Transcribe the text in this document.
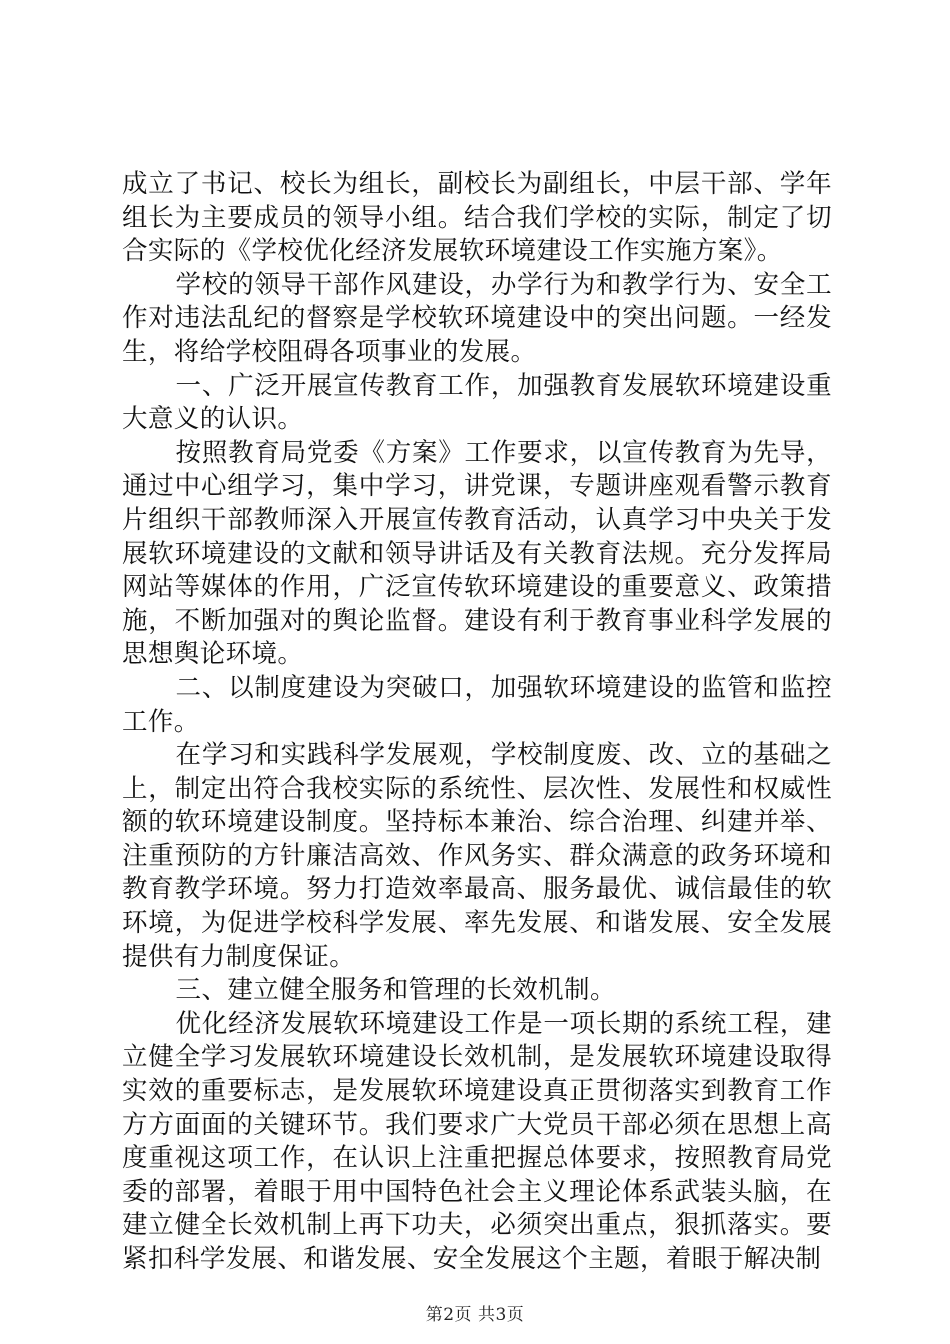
成立了书记、校长为组长，副校长为副组长，中层干部、学年组长为主要成员的领导小组。结合我们学校的实际，制定了切合实际的《学校优化经济发展软环境建设工作实施方案》。

学校的领导干部作风建设，办学行为和教学行为、安全工作对违法乱纪的督察是学校软环境建设中的突出问题。一经发生，将给学校阻碍各项事业的发展。

一、广泛开展宣传教育工作，加强教育发展软环境建设重大意义的认识。

按照教育局党委《方案》工作要求，以宣传教育为先导，通过中心组学习，集中学习，讲党课，专题讲座观看警示教育片组织干部教师深入开展宣传教育活动，认真学习中央关于发展软环境建设的文献和领导讲话及有关教育法规。充分发挥局网站等媒体的作用，广泛宣传软环境建设的重要意义、政策措施，不断加强对的舆论监督。建设有利于教育事业科学发展的思想舆论环境。

二、以制度建设为突破口，加强软环境建设的监管和监控工作。

在学习和实践科学发展观，学校制度废、改、立的基础之上，制定出符合我校实际的系统性、层次性、发展性和权威性额的软环境建设制度。坚持标本兼治、综合治理、纠建并举、注重预防的方针廉洁高效、作风务实、群众满意的政务环境和教育教学环境。努力打造效率最高、服务最优、诚信最佳的软环境，为促进学校科学发展、率先发展、和谐发展、安全发展提供有力制度保证。

三、建立健全服务和管理的长效机制。

优化经济发展软环境建设工作是一项长期的系统工程，建立健全学习发展软环境建设长效机制，是发展软环境建设取得实效的重要标志，是发展软环境建设真正贯彻落实到教育工作方方面面的关键环节。我们要求广大党员干部必须在思想上高度重视这项工作，在认识上注重把握总体要求，按照教育局党委的部署，着眼于用中国特色社会主义理论体系武装头脑，在建立健全长效机制上再下功夫，必须突出重点，狠抓落实。要紧扣科学发展、和谐发展、安全发展这个主题，着眼于解决制

第2页 共3页
